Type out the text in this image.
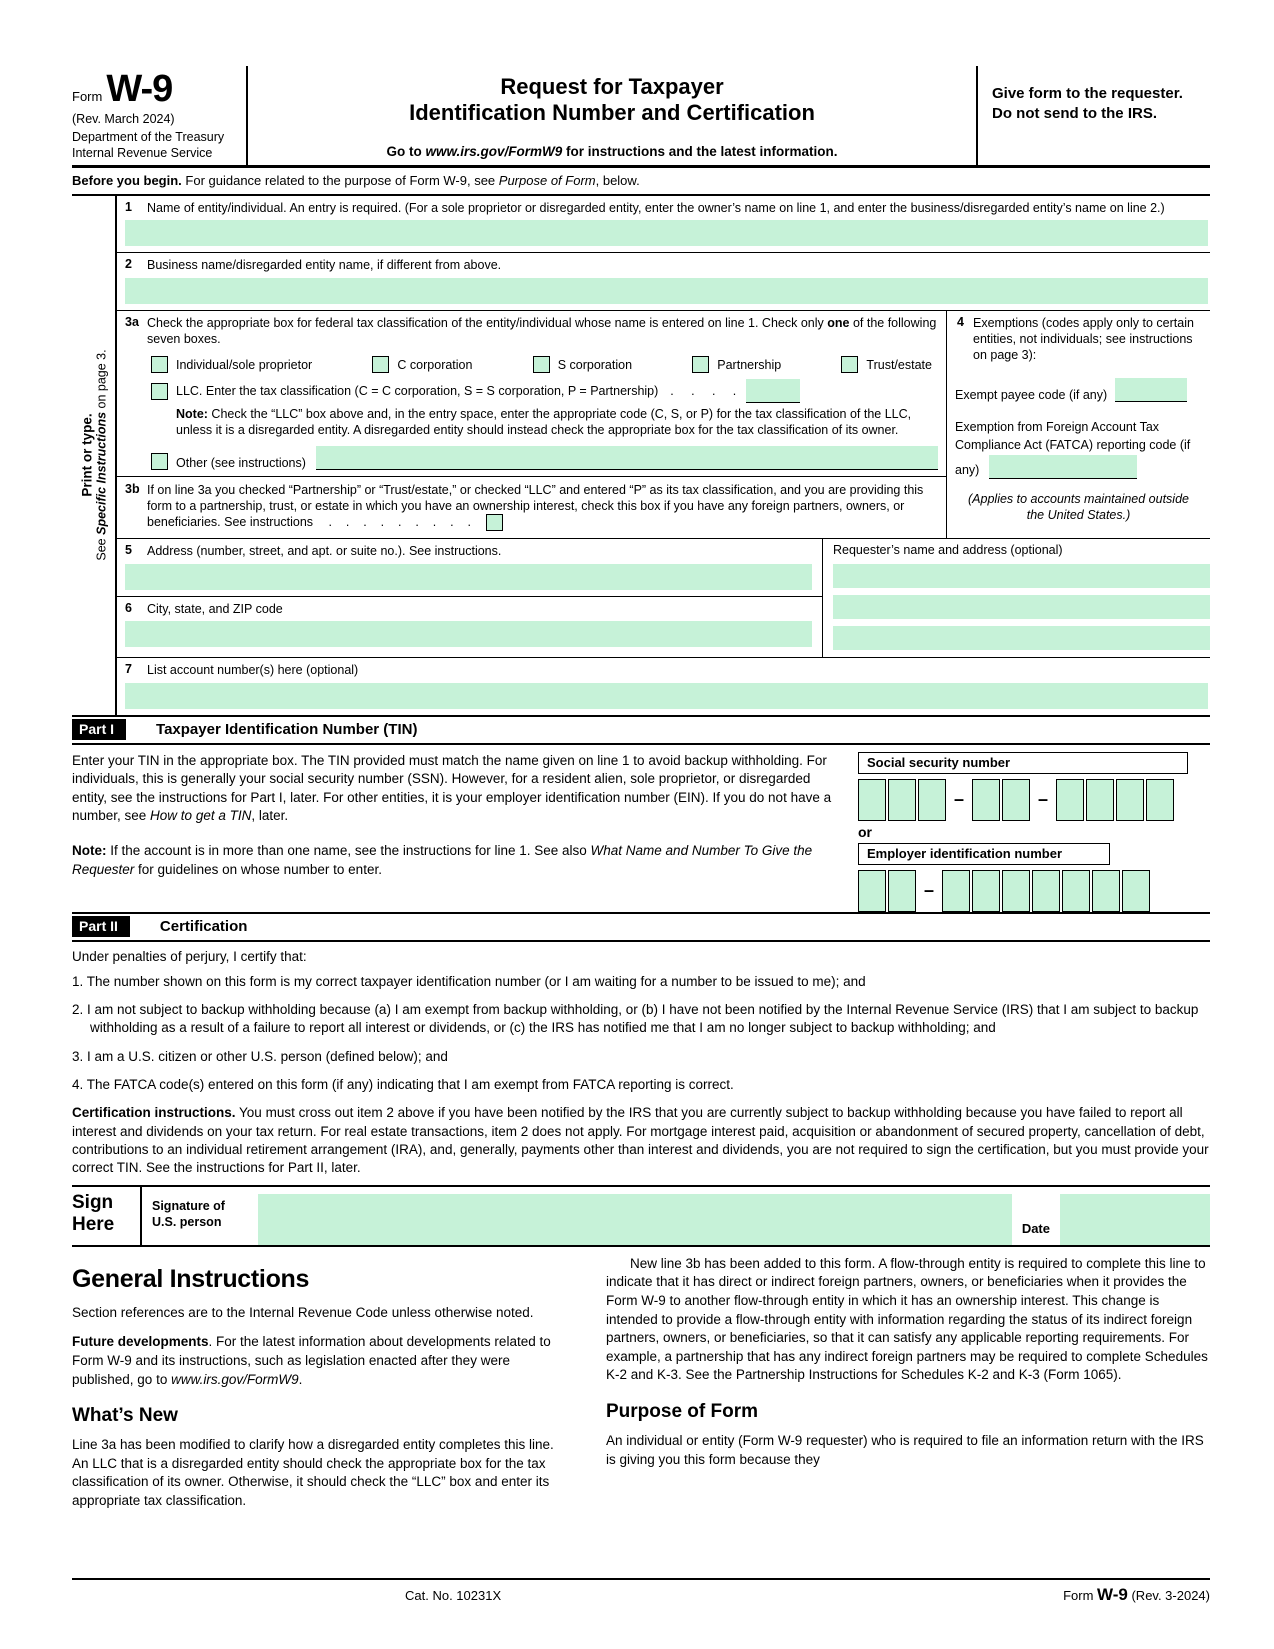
Form W-9
(Rev. March 2024)
Department of the Treasury
Internal Revenue Service
Request for Taxpayer
Identification Number and Certification
Go to www.irs.gov/FormW9 for instructions and the latest information.
Give form to the requester. Do not send to the IRS.
Before you begin. For guidance related to the purpose of Form W-9, see Purpose of Form, below.
Print or type.
See Specific Instructions on page 3.
1	Name of entity/individual. An entry is required. (For a sole proprietor or disregarded entity, enter the owner’s name on line 1, and enter the business/disregarded entity’s name on line 2.)
2	Business name/disregarded entity name, if different from above.
3a Check the appropriate box for federal tax classification of the entity/individual whose name is entered on line 1. Check only one of the following seven boxes.
Individual/sole proprietor	C corporation	S corporation	Partnership	Trust/estate
LLC. Enter the tax classification (C = C corporation, S = S corporation, P = Partnership) .     .     .     .
Note: Check the “LLC” box above and, in the entry space, enter the appropriate code (C, S, or P) for the tax classification of the LLC, unless it is a disregarded entity. A disregarded entity should instead check the appropriate box for the tax classification of its owner.
Other (see instructions)
3b If on line 3a you checked “Partnership” or “Trust/estate,” or checked “LLC” and entered “P” as its tax classification, and you are providing this form to a partnership, trust, or estate in which you have an ownership interest, check this box if you have any foreign partners, owners, or beneficiaries. See instructions .    .    .    .    .    .    .    .    .
4 Exemptions (codes apply only to certain entities, not individuals; see instructions on page 3):
Exempt payee code (if any)
Exemption from Foreign Account Tax Compliance Act (FATCA) reporting code (if any)
(Applies to accounts maintained outside the United States.)
5	Address (number, street, and apt. or suite no.). See instructions.
6	City, state, and ZIP code
Requester’s name and address (optional)
7	List account number(s) here (optional)
Part I	Taxpayer Identification Number (TIN)

Enter your TIN in the appropriate box. The TIN provided must match the name given on line 1 to avoid backup withholding. For individuals, this is generally your social security number (SSN). However, for a resident alien, sole proprietor, or disregarded entity, see the instructions for Part I, later. For other entities, it is your employer identification number (EIN). If you do not have a number, see How to get a TIN, later.

Note: If the account is in more than one name, see the instructions for line 1. See also What Name and Number To Give the Requester for guidelines on whose number to enter.

Social security number
–	–
or
Employer identification number
–
Part II	Certification
Under penalties of perjury, I certify that:
1. The number shown on this form is my correct taxpayer identification number (or I am waiting for a number to be issued to me); and
2. I am not subject to backup withholding because (a) I am exempt from backup withholding, or (b) I have not been notified by the Internal Revenue Service (IRS) that I am subject to backup withholding as a result of a failure to report all interest or dividends, or (c) the IRS has notified me that I am no longer subject to backup withholding; and
3. I am a U.S. citizen or other U.S. person (defined below); and
4. The FATCA code(s) entered on this form (if any) indicating that I am exempt from FATCA reporting is correct.
Certification instructions. You must cross out item 2 above if you have been notified by the IRS that you are currently subject to backup withholding because you have failed to report all interest and dividends on your tax return. For real estate transactions, item 2 does not apply. For mortgage interest paid, acquisition or abandonment of secured property, cancellation of debt, contributions to an individual retirement arrangement (IRA), and, generally, payments other than interest and dividends, you are not required to sign the certification, but you must provide your correct TIN. See the instructions for Part II, later.
Sign
Here
Signature of
U.S. person	Date
General Instructions

Section references are to the Internal Revenue Code unless otherwise noted.

Future developments. For the latest information about developments related to Form W-9 and its instructions, such as legislation enacted after they were published, go to www.irs.gov/FormW9.

What’s New

Line 3a has been modified to clarify how a disregarded entity completes this line. An LLC that is a disregarded entity should check the appropriate box for the tax classification of its owner. Otherwise, it should check the “LLC” box and enter its appropriate tax classification.

New line 3b has been added to this form. A flow-through entity is required to complete this line to indicate that it has direct or indirect foreign partners, owners, or beneficiaries when it provides the Form W-9 to another flow-through entity in which it has an ownership interest. This change is intended to provide a flow-through entity with information regarding the status of its indirect foreign partners, owners, or beneficiaries, so that it can satisfy any applicable reporting requirements. For example, a partnership that has any indirect foreign partners may be required to complete Schedules K-2 and K-3. See the Partnership Instructions for Schedules K-2 and K-3 (Form 1065).

Purpose of Form

An individual or entity (Form W-9 requester) who is required to file an information return with the IRS is giving you this form because they

Cat. No. 10231X	Form W-9 (Rev. 3-2024)
